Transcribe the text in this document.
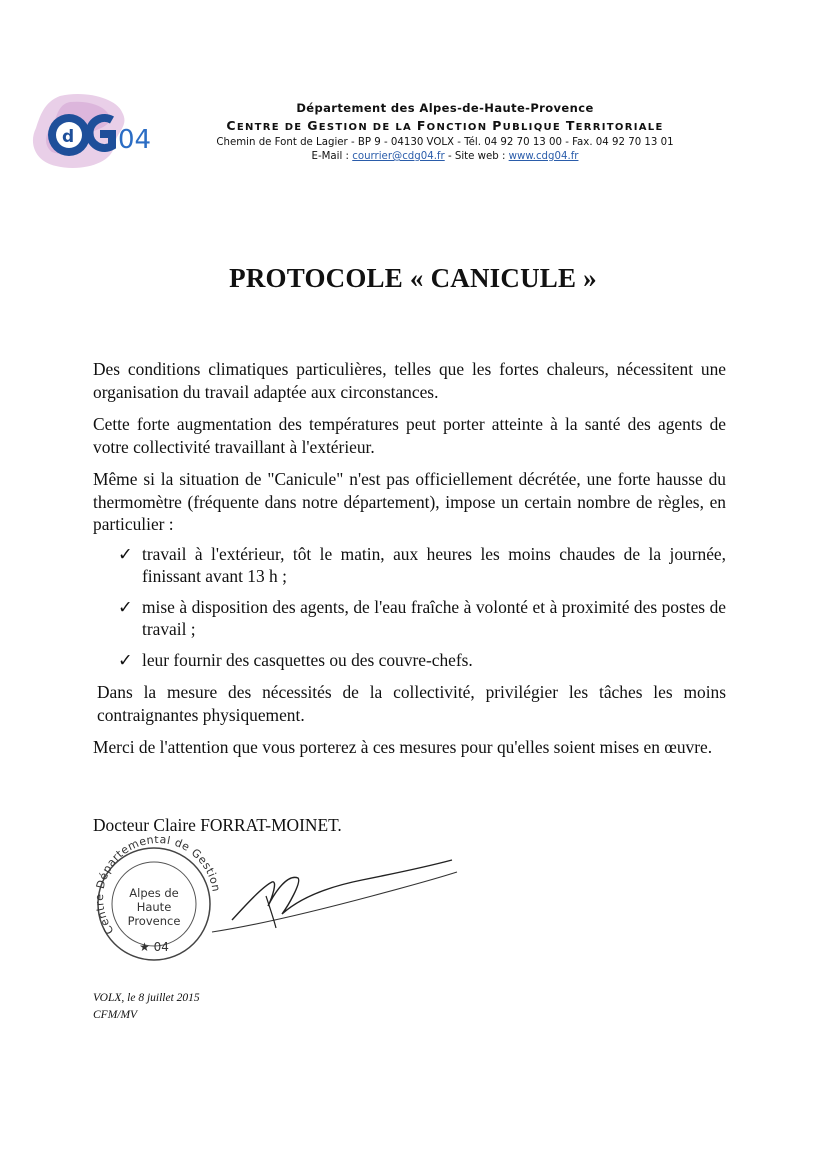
d 04
Département des Alpes-de-Haute-Provence
CENTRE DE GESTION DE LA FONCTION PUBLIQUE TERRITORIALE
Chemin de Font de Lagier - BP 9 - 04130 VOLX - Tél. 04 92 70 13 00 - Fax. 04 92 70 13 01
E-Mail : courrier@cdg04.fr - Site web : www.cdg04.fr
PROTOCOLE « CANICULE »

Des conditions climatiques particulières, telles que les fortes chaleurs, nécessitent une organisation du travail adaptée aux circonstances.

Cette forte augmentation des températures peut porter atteinte à la santé des agents de votre collectivité travaillant à l'extérieur.

Même si la situation de "Canicule" n'est pas officiellement décrétée, une forte hausse du thermomètre (fréquente dans notre département), impose un certain nombre de règles, en particulier :

✓ travail à l'extérieur, tôt le matin, aux heures les moins chaudes de la journée, finissant avant 13 h ;
✓ mise à disposition des agents, de l'eau fraîche à volonté et à proximité des postes de travail ;
✓ leur fournir des casquettes ou des couvre-chefs.

Dans la mesure des nécessités de la collectivité, privilégier les tâches les moins contraignantes physiquement.

Merci de l'attention que vous porterez à ces mesures pour qu'elles soient mises en œuvre.

Docteur Claire FORRAT-MOINET.
Centre Départemental de Gestion
Alpes de
Haute
Provence
★ 04
VOLX, le 8 juillet 2015
CFM/MV
